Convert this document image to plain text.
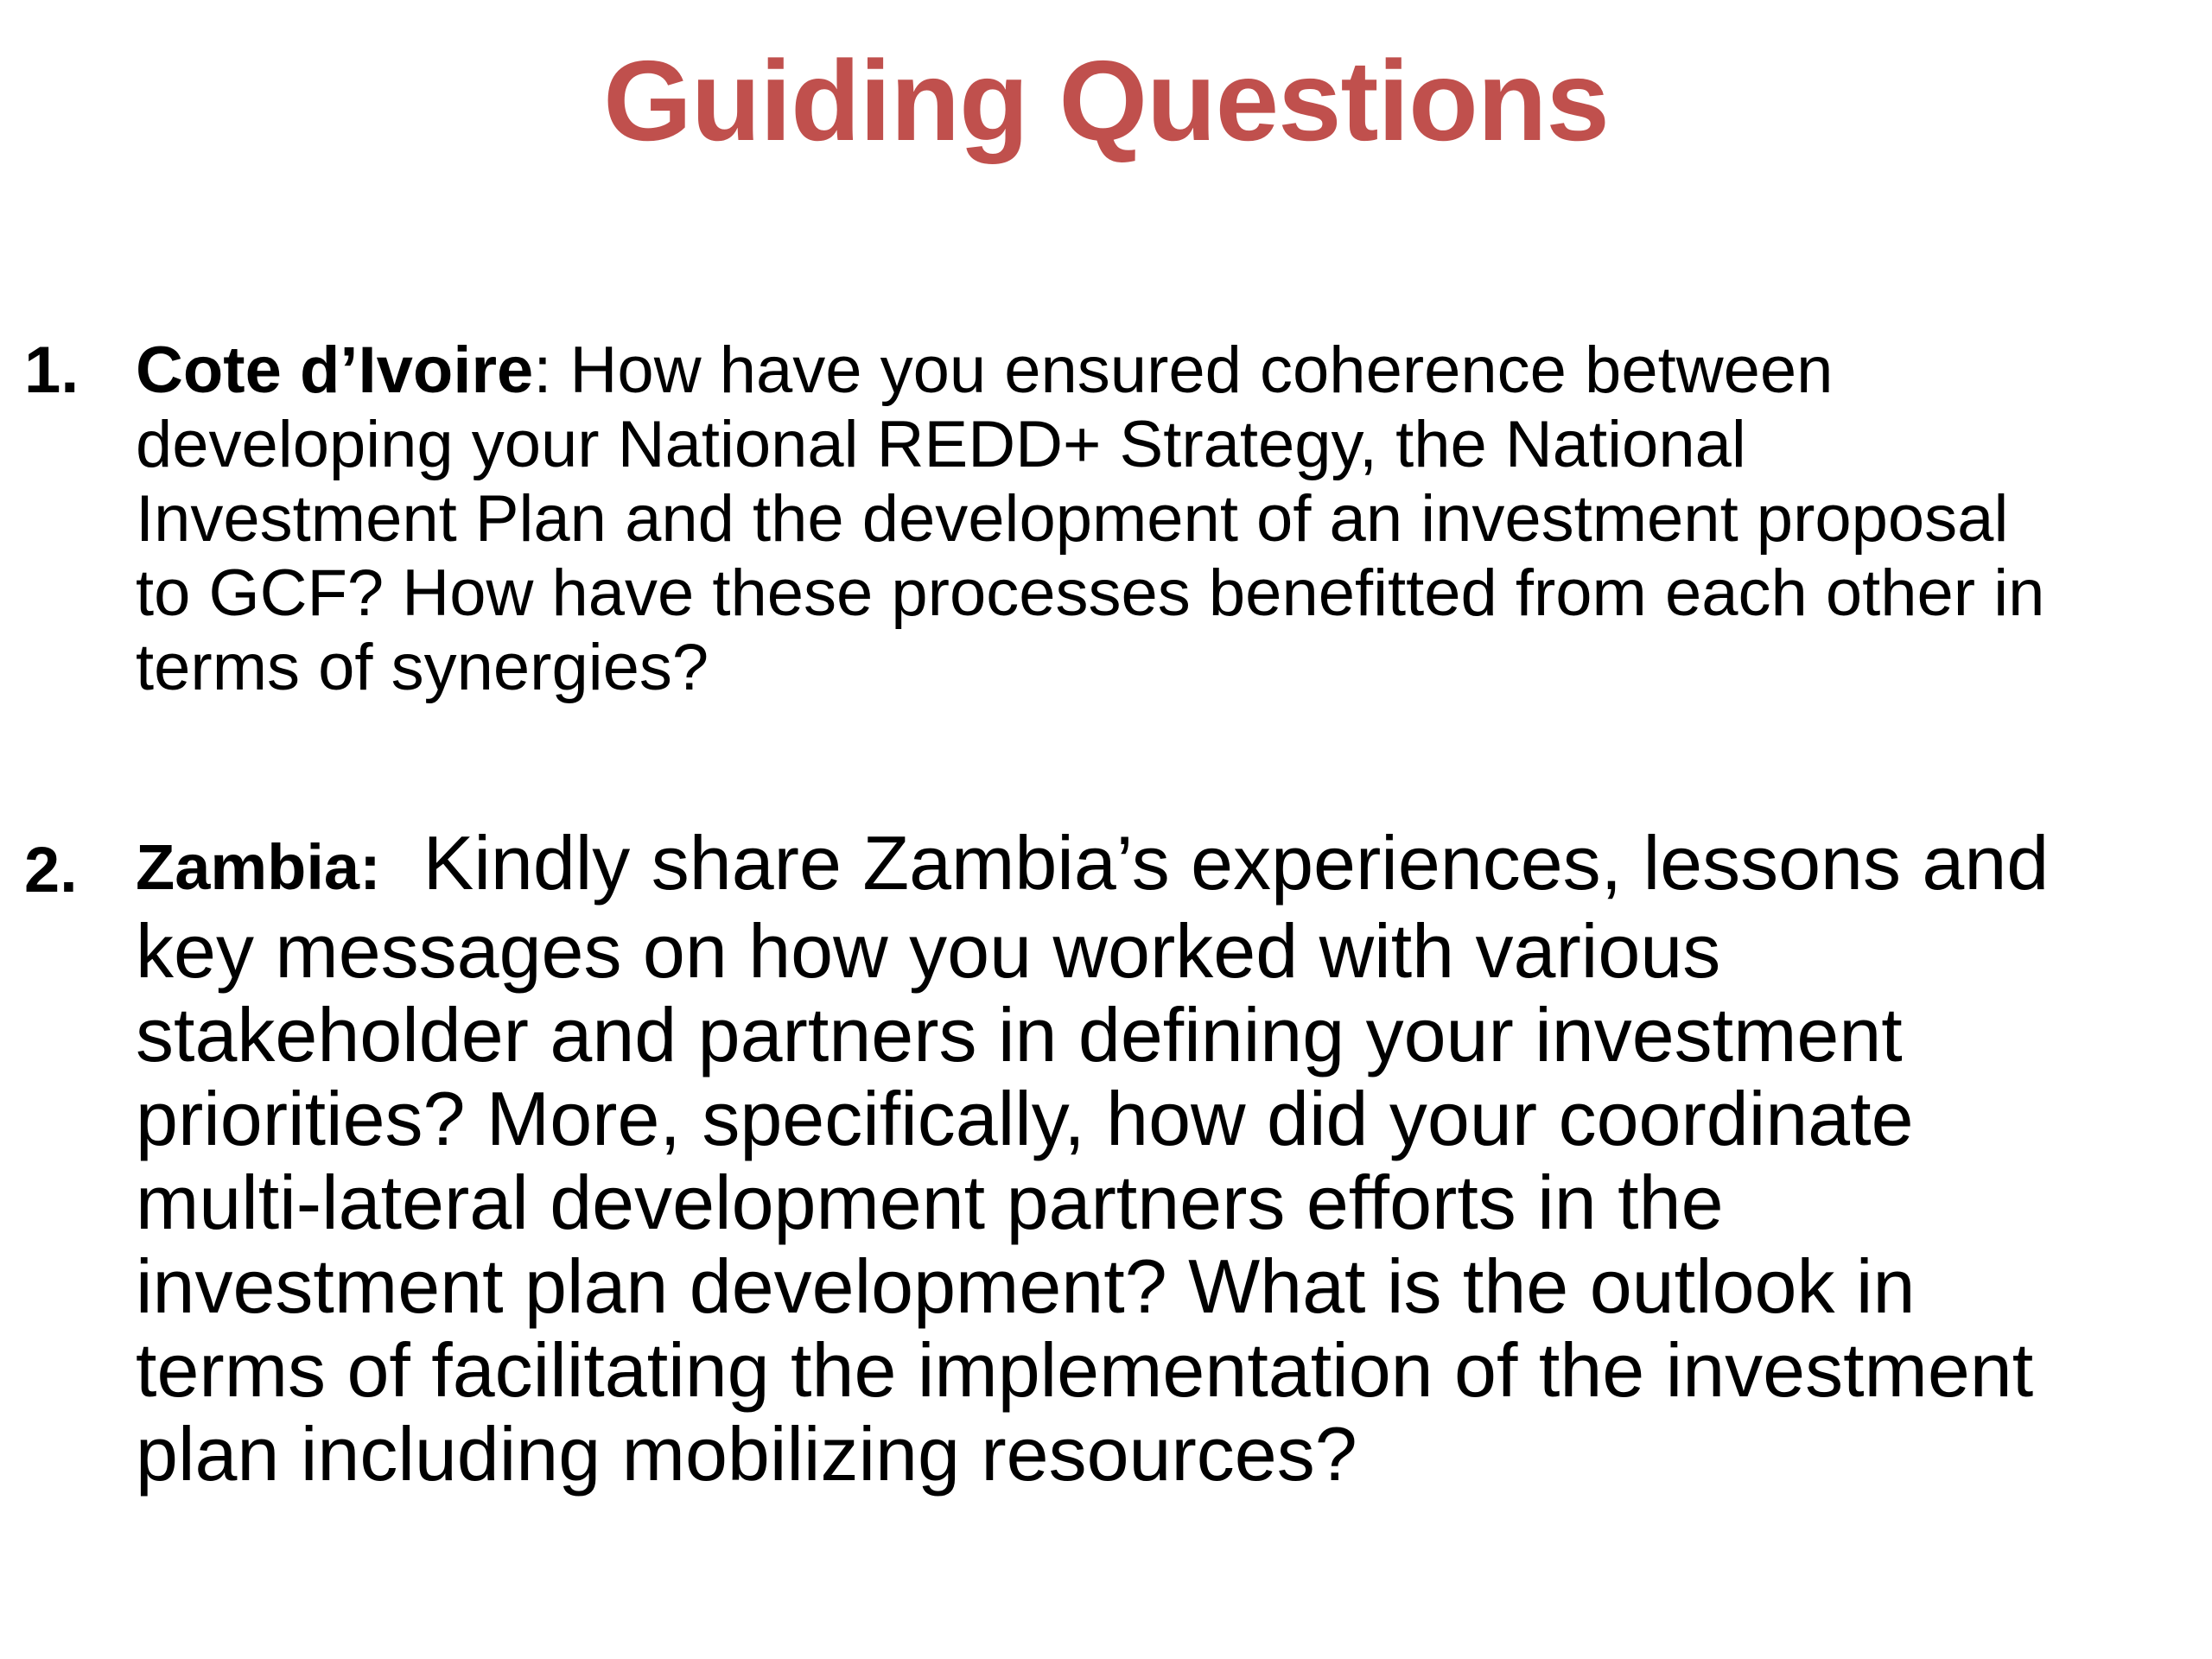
Guiding Questions
1. Cote d’Ivoire: How have you ensured coherence between
developing your National REDD+ Strategy, the National
Investment Plan and the development of an investment proposal
to GCF? How have these processes benefitted from each other in
terms of synergies?
2. Zambia: Kindly share Zambia’s experiences, lessons and
key messages on how you worked with various
stakeholder and partners in defining your investment
priorities? More, specifically, how did your coordinate
multi-lateral development partners efforts in the
investment plan development? What is the outlook in
terms of facilitating the implementation of the investment
plan including mobilizing resources?
